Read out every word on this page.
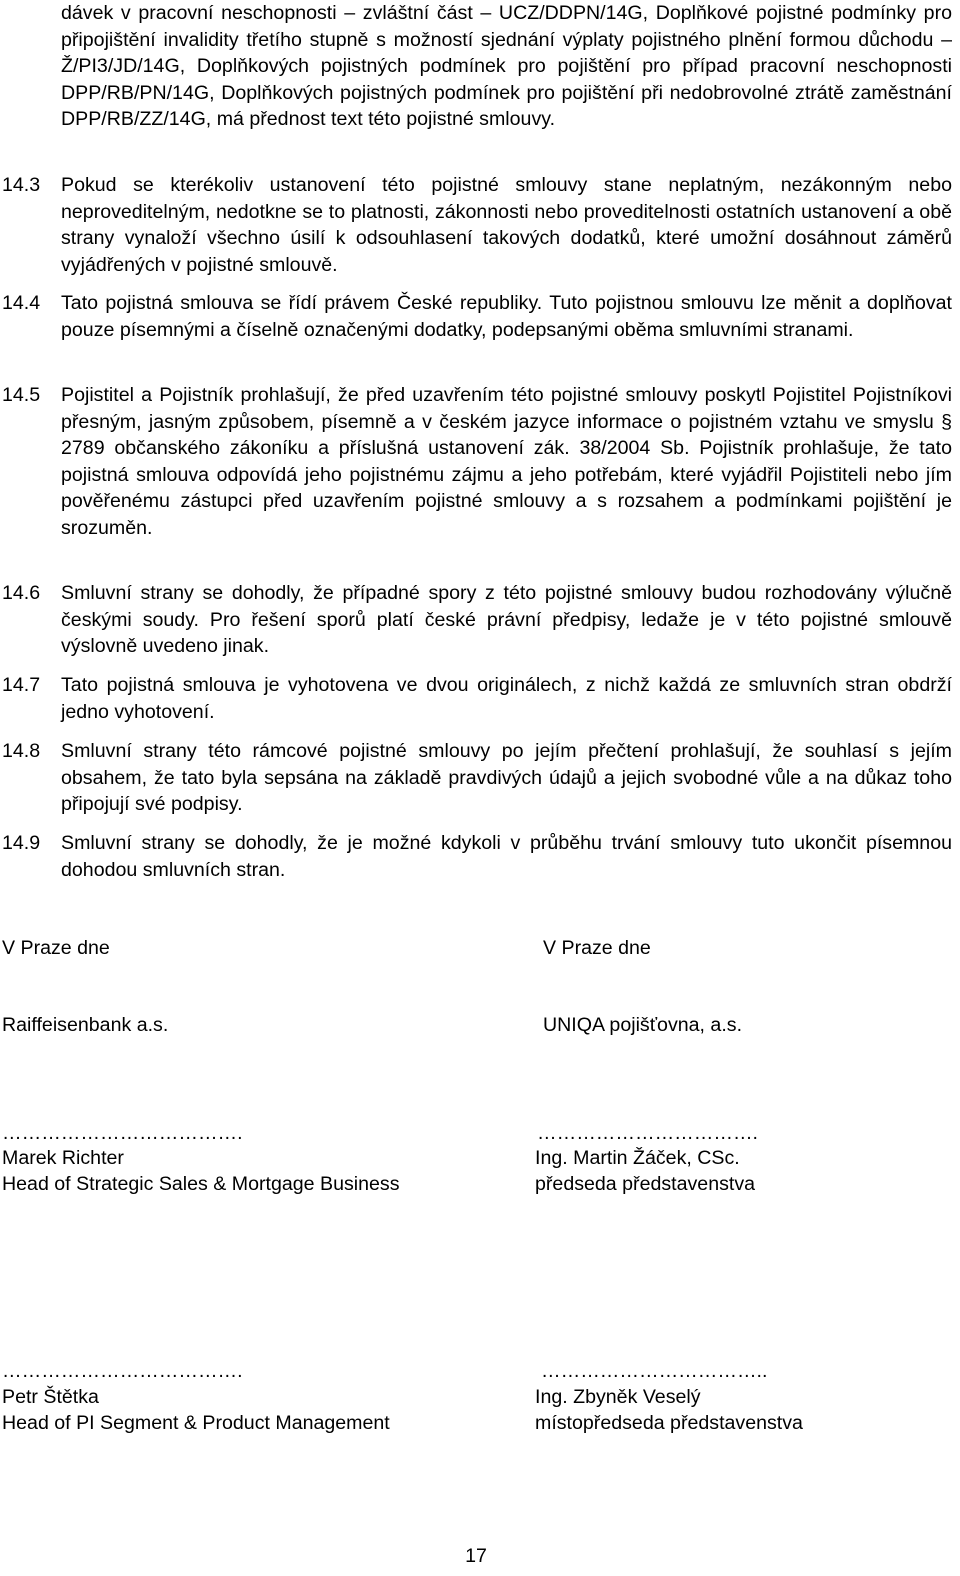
dávek v pracovní neschopnosti – zvláštní část – UCZ/DDPN/14G, Doplňkové pojistné podmínky pro připojištění invalidity třetího stupně s možností sjednání výplaty pojistného plnění formou důchodu – Ž/PI3/JD/14G, Doplňkových pojistných podmínek pro pojištění pro případ pracovní neschopnosti DPP/RB/PN/14G, Doplňkových pojistných podmínek pro pojištění při nedobrovolné ztrátě zaměstnání DPP/RB/ZZ/14G, má přednost text této pojistné smlouvy.
14.3	Pokud se kterékoliv ustanovení této pojistné smlouvy stane neplatným, nezákonným nebo neproveditelným, nedotkne se to platnosti, zákonnosti nebo proveditelnosti ostatních ustanovení a obě strany vynaloží všechno úsilí k odsouhlasení takových dodatků, které umožní dosáhnout záměrů vyjádřených v pojistné smlouvě.
14.4	Tato pojistná smlouva se řídí právem České republiky. Tuto pojistnou smlouvu lze měnit a doplňovat pouze písemnými a číselně označenými dodatky, podepsanými oběma smluvními stranami.
14.5	Pojistitel a Pojistník prohlašují, že před uzavřením této pojistné smlouvy poskytl Pojistitel Pojistníkovi přesným, jasným způsobem, písemně a v českém jazyce informace o pojistném vztahu ve smyslu § 2789 občanského zákoníku a příslušná ustanovení zák. 38/2004 Sb. Pojistník prohlašuje, že tato pojistná smlouva odpovídá jeho pojistnému zájmu a jeho potřebám, které vyjádřil Pojistiteli nebo jím pověřenému zástupci před uzavřením pojistné smlouvy a s rozsahem a podmínkami pojištění je srozuměn.
14.6	Smluvní strany se dohodly, že případné spory z této pojistné smlouvy budou rozhodovány výlučně českými soudy. Pro řešení sporů platí české právní předpisy, ledaže je v této pojistné smlouvě výslovně uvedeno jinak.
14.7	Tato pojistná smlouva je vyhotovena ve dvou originálech, z nichž každá ze smluvních stran obdrží jedno vyhotovení.
14.8	Smluvní strany této rámcové pojistné smlouvy po jejím přečtení prohlašují, že souhlasí s jejím obsahem, že tato byla sepsána na základě pravdivých údajů a jejich svobodné vůle a na důkaz toho připojují své podpisy.
14.9	Smluvní strany se dohodly, že je možné kdykoli v průběhu trvání smlouvy tuto ukončit písemnou dohodou smluvních stran.
V Praze dne
Raiffeisenbank a.s.
……………………………….
Marek Richter
Head of Strategic Sales & Mortgage Business
……………………………….
Petr Štětka
Head of PI Segment & Product Management
V Praze dne
UNIQA pojišťovna, a.s.
…………………………….
Ing. Martin Žáček, CSc.
předseda představenstva
……………………………..
Ing. Zbyněk Veselý
místopředseda představenstva
17
